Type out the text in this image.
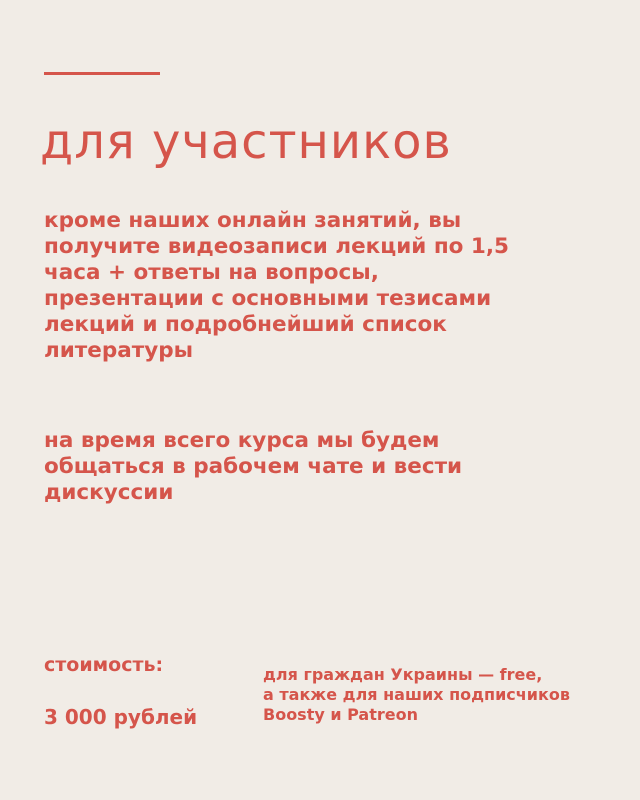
для участников

кроме наших онлайн занятий, вы получите видеозаписи лекций по 1,5 часа + ответы на вопросы, презентации с основными тезисами лекций и подробнейший список литературы

на время всего курса мы будем общаться в рабочем чате и вести дискуссии

стоимость:

3 000 рублей

для граждан Украины — free,
а также для наших подписчиков
Boosty и Patreon
